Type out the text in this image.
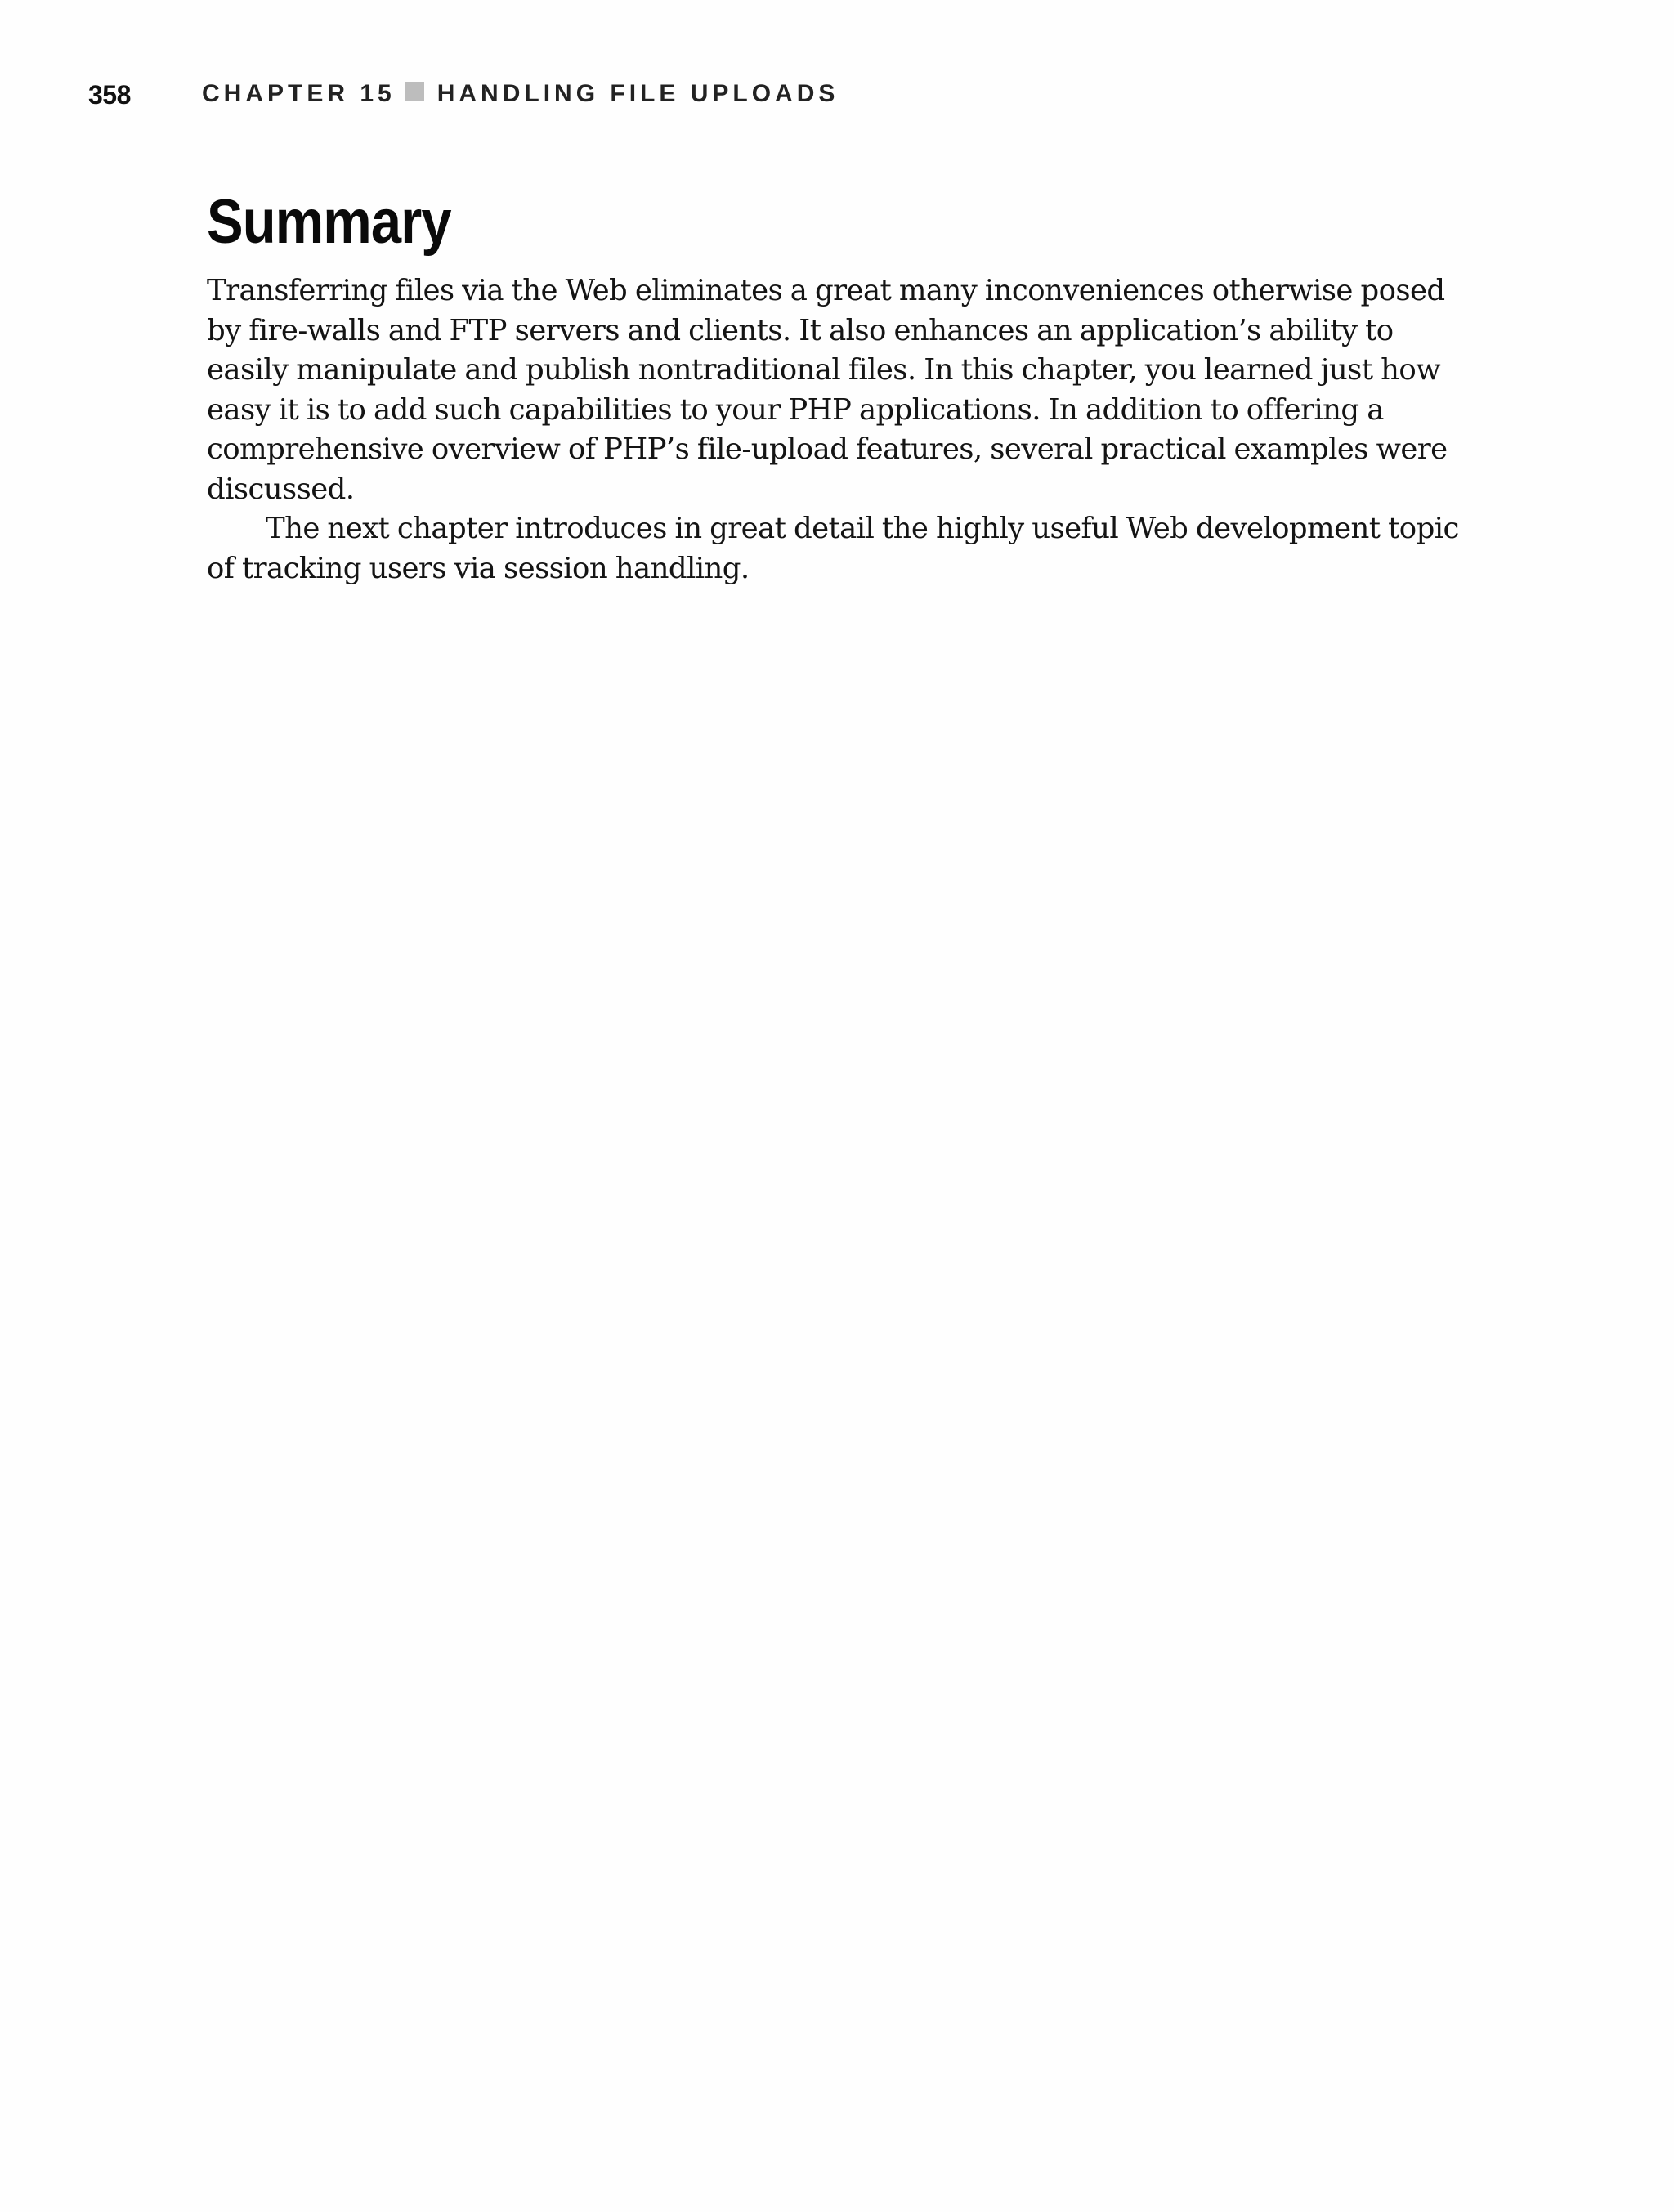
358	CHAPTER 15 HANDLING FILE UPLOADS
Summary

Transferring files via the Web eliminates a great many inconveniences otherwise posed by fire-walls and FTP servers and clients. It also enhances an application’s ability to easily manipulate and publish nontraditional files. In this chapter, you learned just how easy it is to add such capabilities to your PHP applications. In addition to offering a comprehensive overview of PHP’s file-upload features, several practical examples were discussed.

The next chapter introduces in great detail the highly useful Web development topic of tracking users via session handling.
